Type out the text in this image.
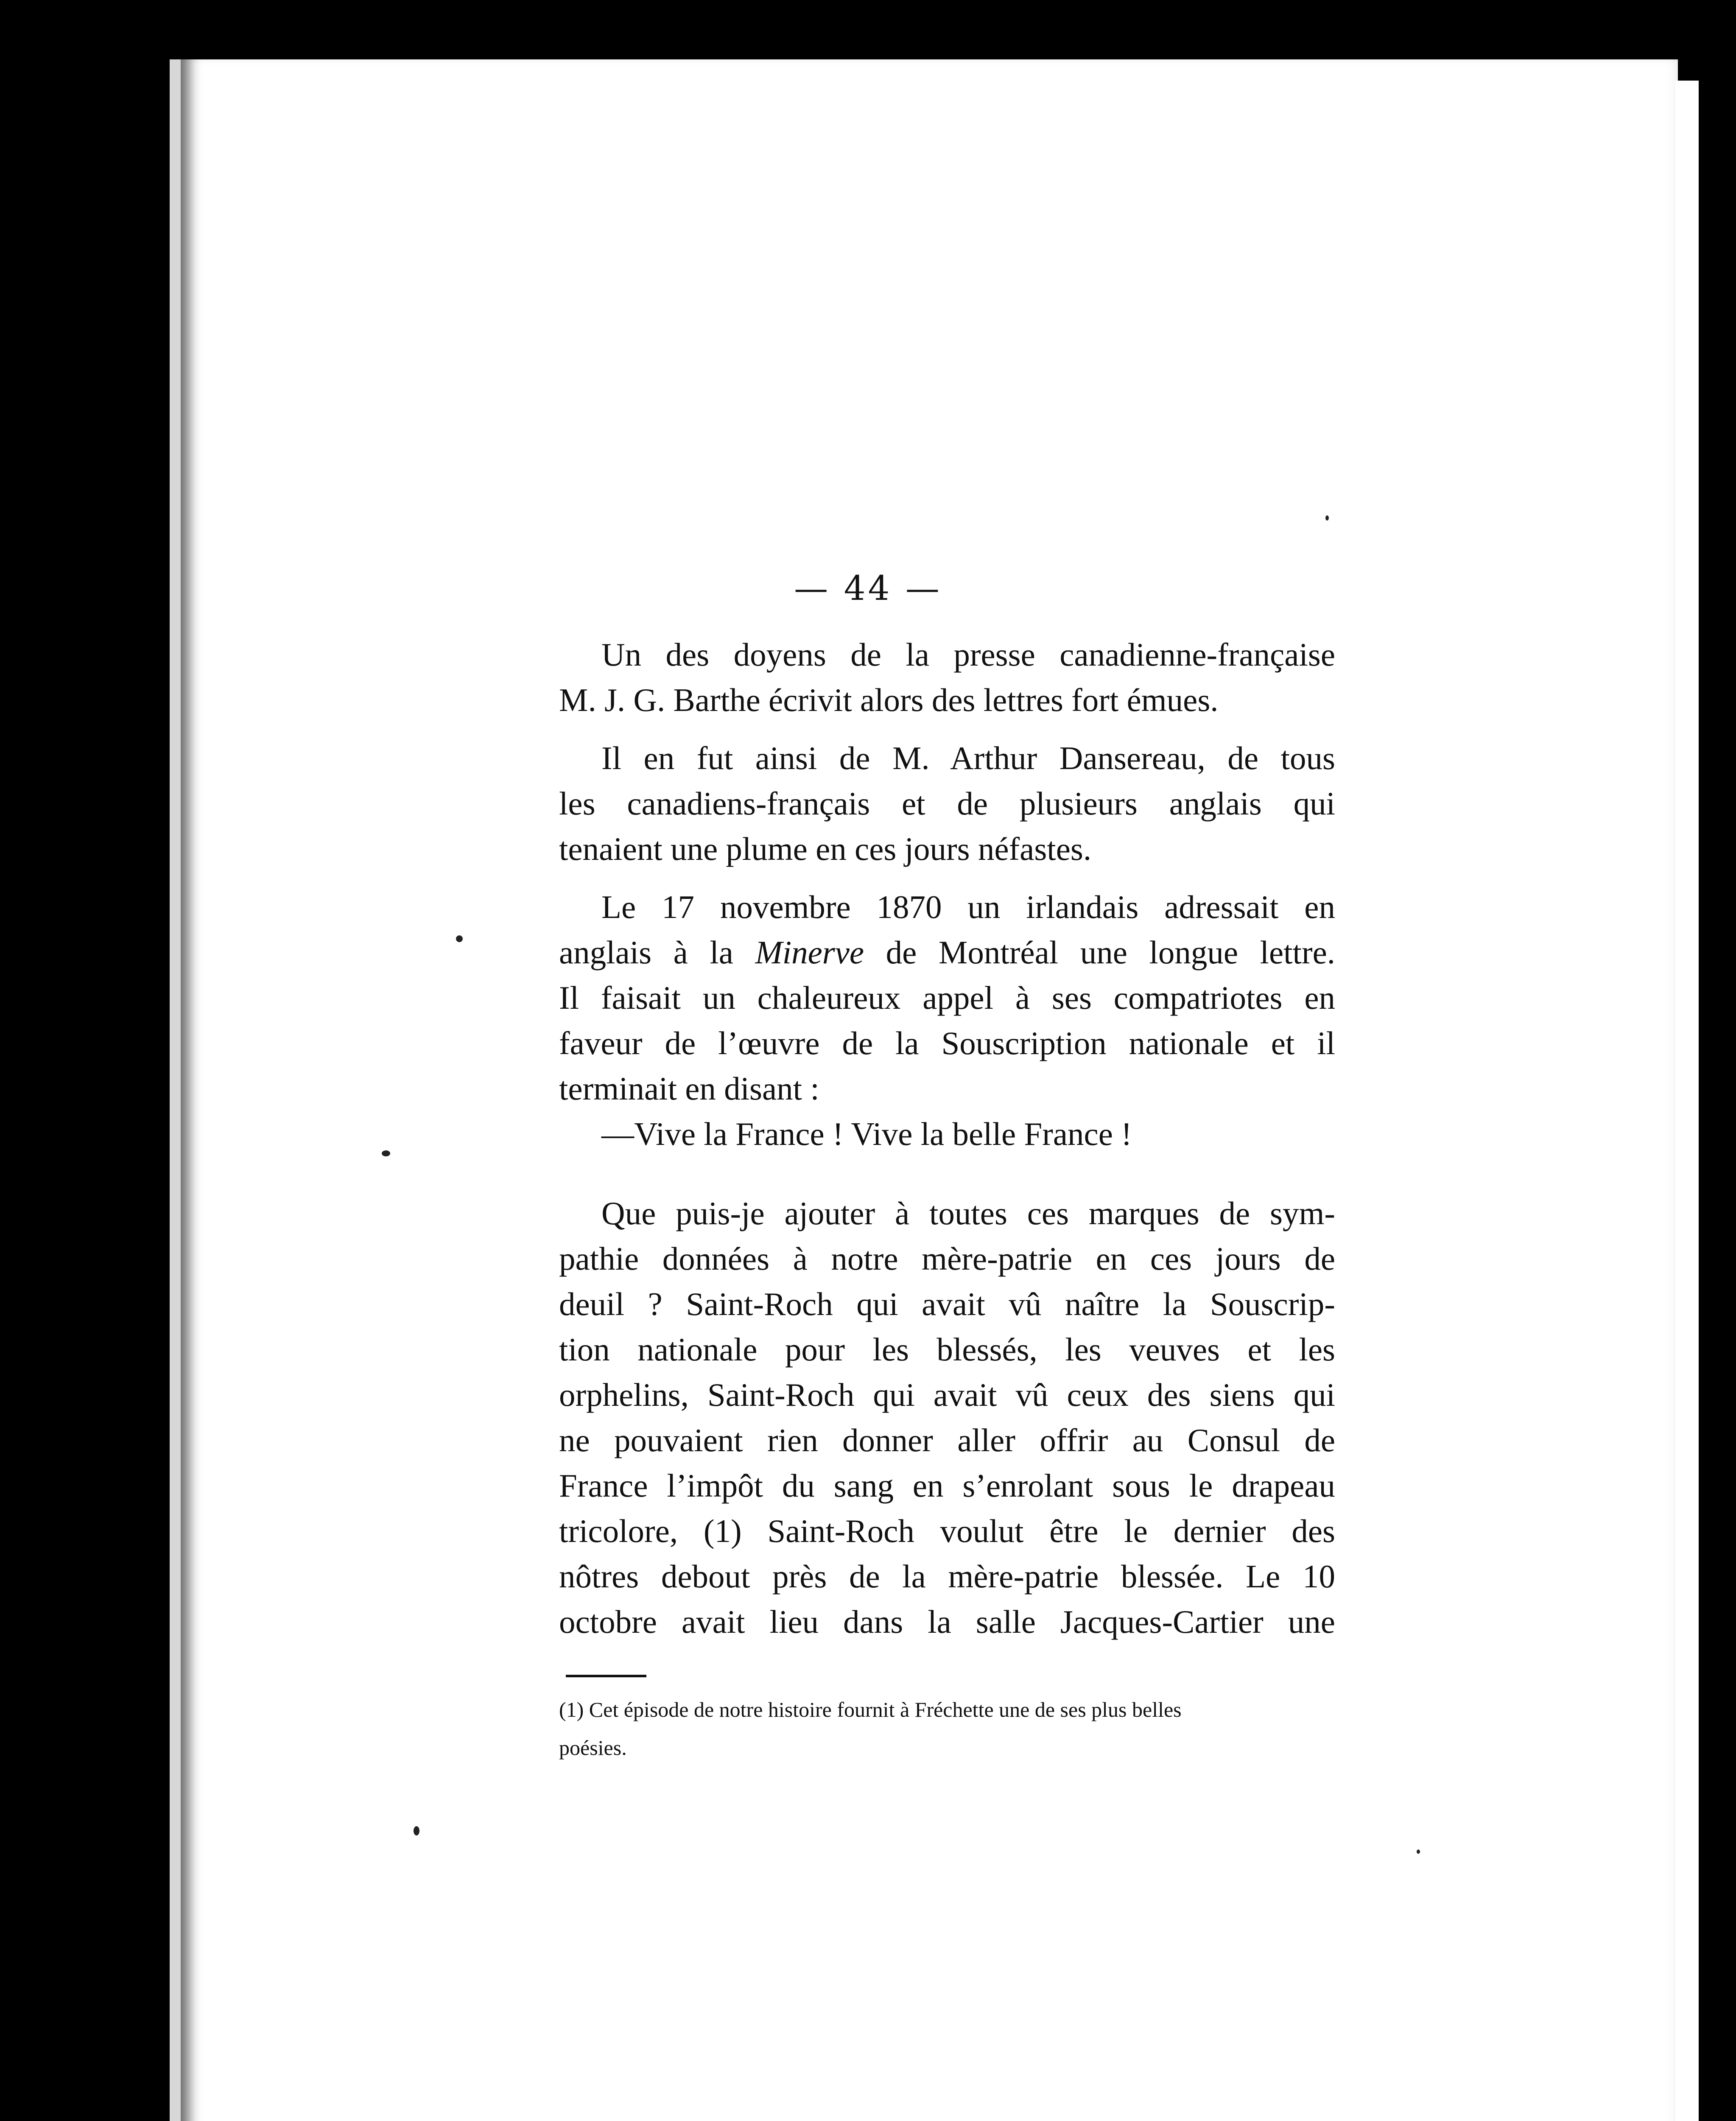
— 44 —
Un des doyens de la presse canadienne-française
M. J. G. Barthe écrivit alors des lettres fort émues.
Il en fut ainsi de M. Arthur Dansereau, de tous
les canadiens-français et de plusieurs anglais qui
tenaient une plume en ces jours néfastes.
Le 17 novembre 1870 un irlandais adressait en
anglais à la Minerve de Montréal une longue lettre.
Il faisait un chaleureux appel à ses compatriotes en
faveur de l’œuvre de la Souscription nationale et il
terminait en disant :
—Vive la France ! Vive la belle France !
Que puis-je ajouter à toutes ces marques de sym-
pathie données à notre mère-patrie en ces jours de
deuil ? Saint-Roch qui avait vû naître la Souscrip-
tion nationale pour les blessés, les veuves et les
orphelins, Saint-Roch qui avait vû ceux des siens qui
ne pouvaient rien donner aller offrir au Consul de
France l’impôt du sang en s’enrolant sous le drapeau
tricolore, (1) Saint-Roch voulut être le dernier des
nôtres debout près de la mère-patrie blessée. Le 10
octobre avait lieu dans la salle Jacques-Cartier une
(1) Cet épisode de notre histoire fournit à Fréchette une de ses plus belles
poésies.
